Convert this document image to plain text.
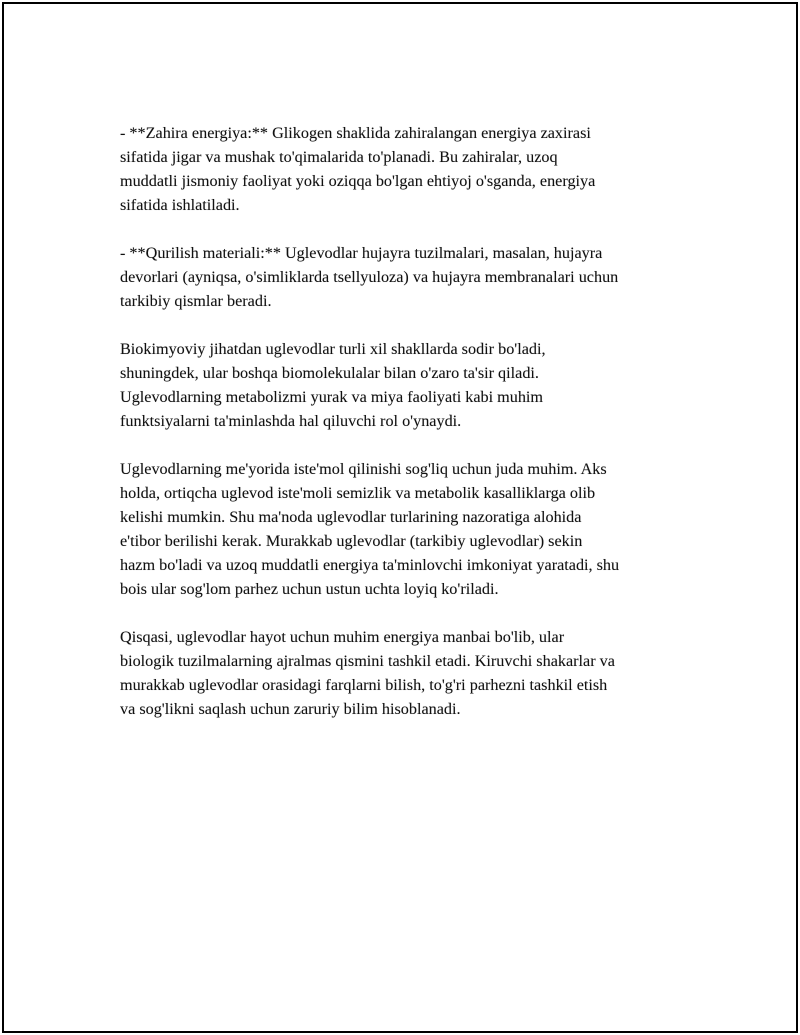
- **Zahira energiya:** Glikogen shaklida zahiralangan energiya zaxirasi
sifatida jigar va mushak to'qimalarida to'planadi. Bu zahiralar, uzoq
muddatli jismoniy faoliyat yoki oziqqa bo'lgan ehtiyoj o'sganda, energiya
sifatida ishlatiladi.

- **Qurilish materiali:** Uglevodlar hujayra tuzilmalari, masalan, hujayra
devorlari (ayniqsa, o'simliklarda tsellyuloza) va hujayra membranalari uchun
tarkibiy qismlar beradi.

Biokimyoviy jihatdan uglevodlar turli xil shakllarda sodir bo'ladi,
shuningdek, ular boshqa biomolekulalar bilan o'zaro ta'sir qiladi.
Uglevodlarning metabolizmi yurak va miya faoliyati kabi muhim
funktsiyalarni ta'minlashda hal qiluvchi rol o'ynaydi.

Uglevodlarning me'yorida iste'mol qilinishi sog'liq uchun juda muhim. Aks
holda, ortiqcha uglevod iste'moli semizlik va metabolik kasalliklarga olib
kelishi mumkin. Shu ma'noda uglevodlar turlarining nazoratiga alohida
e'tibor berilishi kerak. Murakkab uglevodlar (tarkibiy uglevodlar) sekin
hazm bo'ladi va uzoq muddatli energiya ta'minlovchi imkoniyat yaratadi, shu
bois ular sog'lom parhez uchun ustun uchta loyiq ko'riladi.

Qisqasi, uglevodlar hayot uchun muhim energiya manbai bo'lib, ular
biologik tuzilmalarning ajralmas qismini tashkil etadi. Kiruvchi shakarlar va
murakkab uglevodlar orasidagi farqlarni bilish, to'g'ri parhezni tashkil etish
va sog'likni saqlash uchun zaruriy bilim hisoblanadi.
